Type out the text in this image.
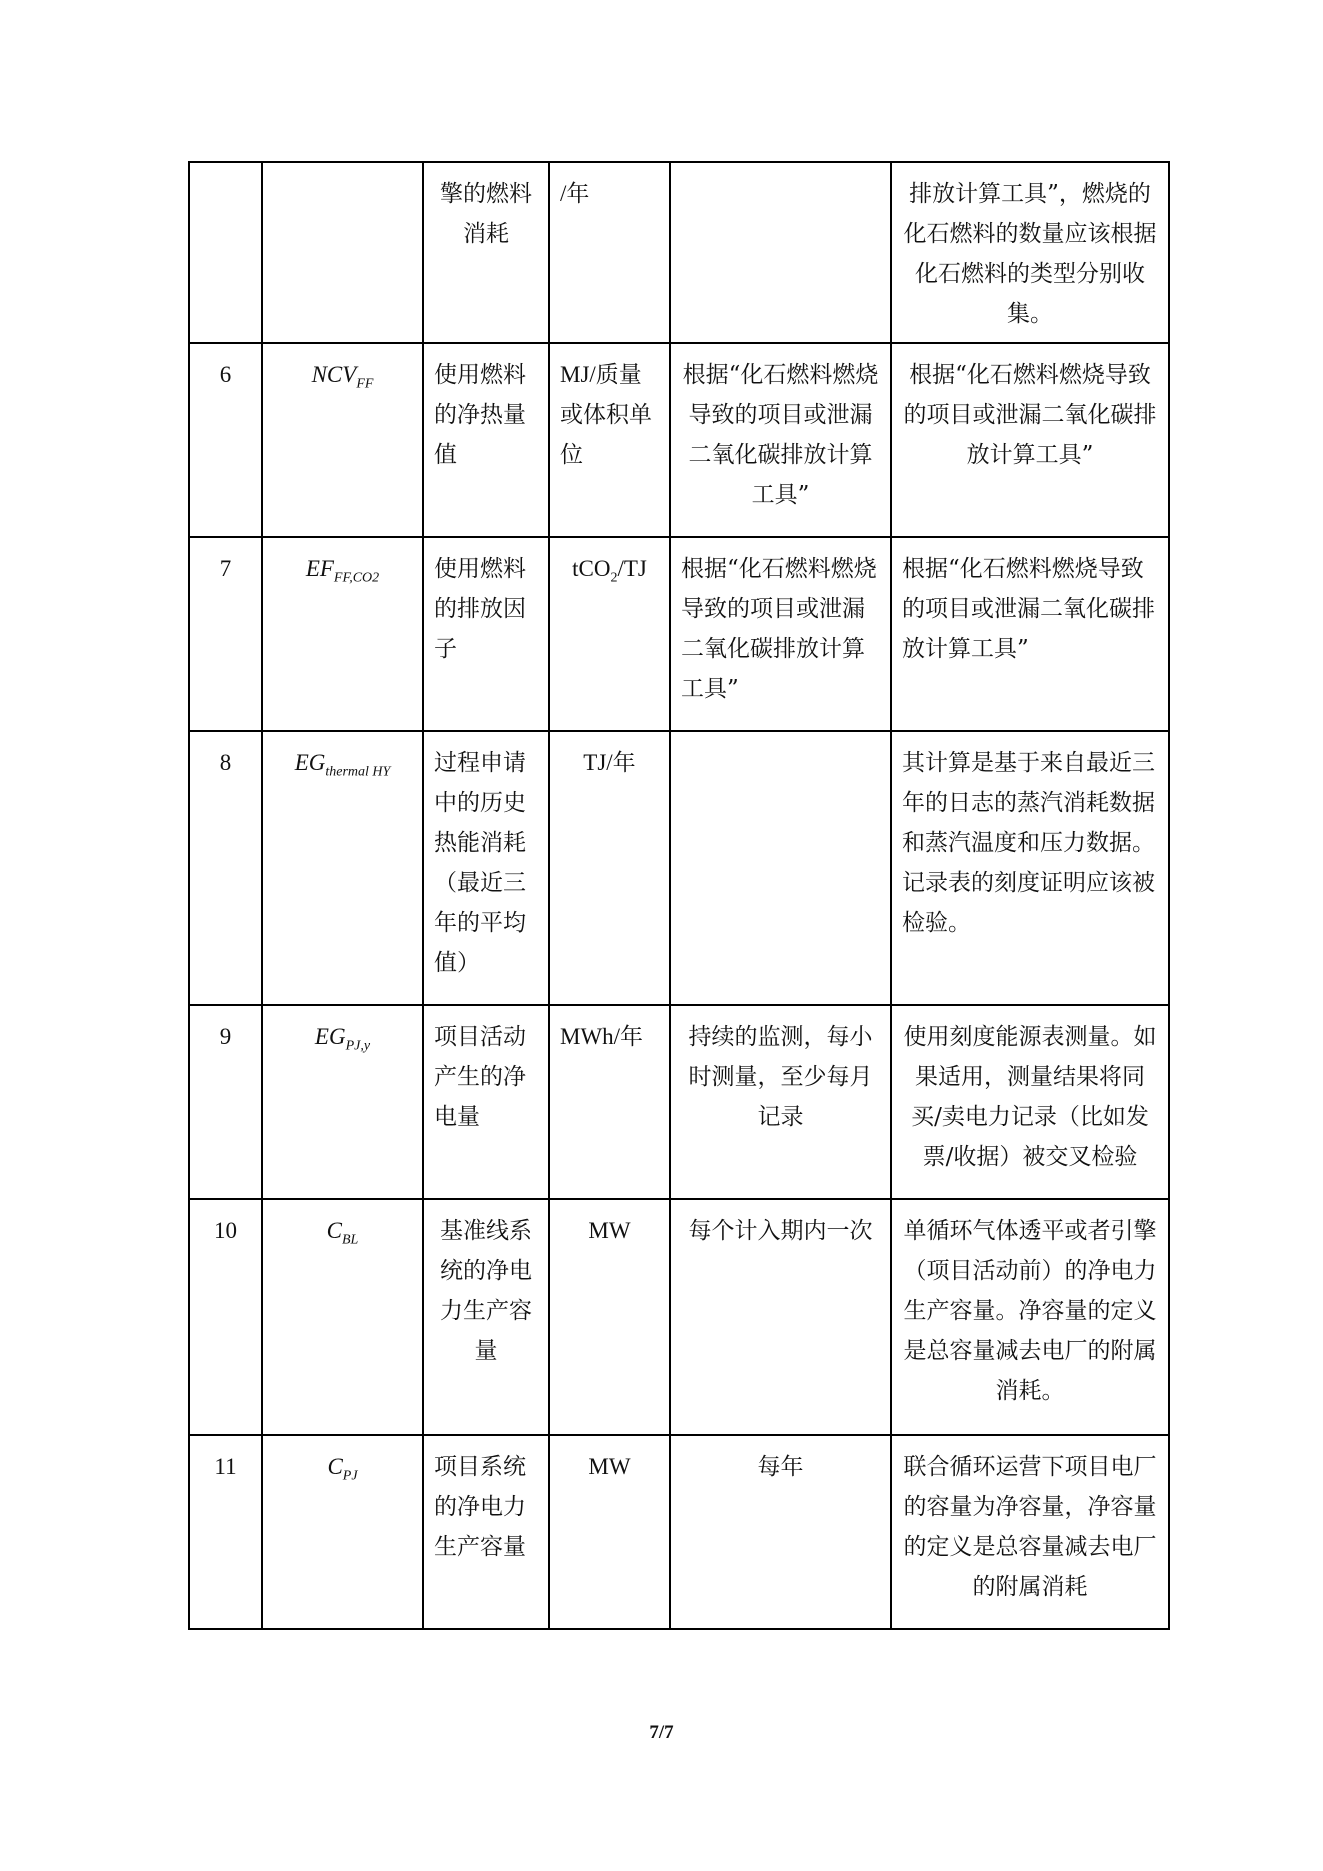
		擎的燃料消耗	/年		排放计算工具”，燃烧的化石燃料的数量应该根据化石燃料的类型分别收集。
6	$NCV_{FF}$	使用燃料的净热量值	MJ/质量或体积单位	根据“化石燃料燃烧导致的项目或泄漏二氧化碳排放计算工具”	根据“化石燃料燃烧导致的项目或泄漏二氧化碳排放计算工具”
7	$EF_{FF,CO2}$	使用燃料的排放因子	tCO$_2$/TJ	根据“化石燃料燃烧导致的项目或泄漏二氧化碳排放计算工具”	根据“化石燃料燃烧导致的项目或泄漏二氧化碳排放计算工具”
8	$EG_{thermal HY}$	过程申请中的历史热能消耗（最近三年的平均值）	TJ/年		其计算是基于来自最近三年的日志的蒸汽消耗数据和蒸汽温度和压力数据。记录表的刻度证明应该被检验。
9	$EG_{PJ,y}$	项目活动产生的净电量	MWh/年	持续的监测，每小时测量，至少每月记录	使用刻度能源表测量。如果适用，测量结果将同买/卖电力记录（比如发票/收据）被交叉检验
10	$C_{BL}$	基准线系统的净电力生产容量	MW	每个计入期内一次	单循环气体透平或者引擎（项目活动前）的净电力生产容量。净容量的定义是总容量减去电厂的附属消耗。
11	$C_{PJ}$	项目系统的净电力生产容量	MW	每年	联合循环运营下项目电厂的容量为净容量，净容量的定义是总容量减去电厂的附属消耗
7/7
